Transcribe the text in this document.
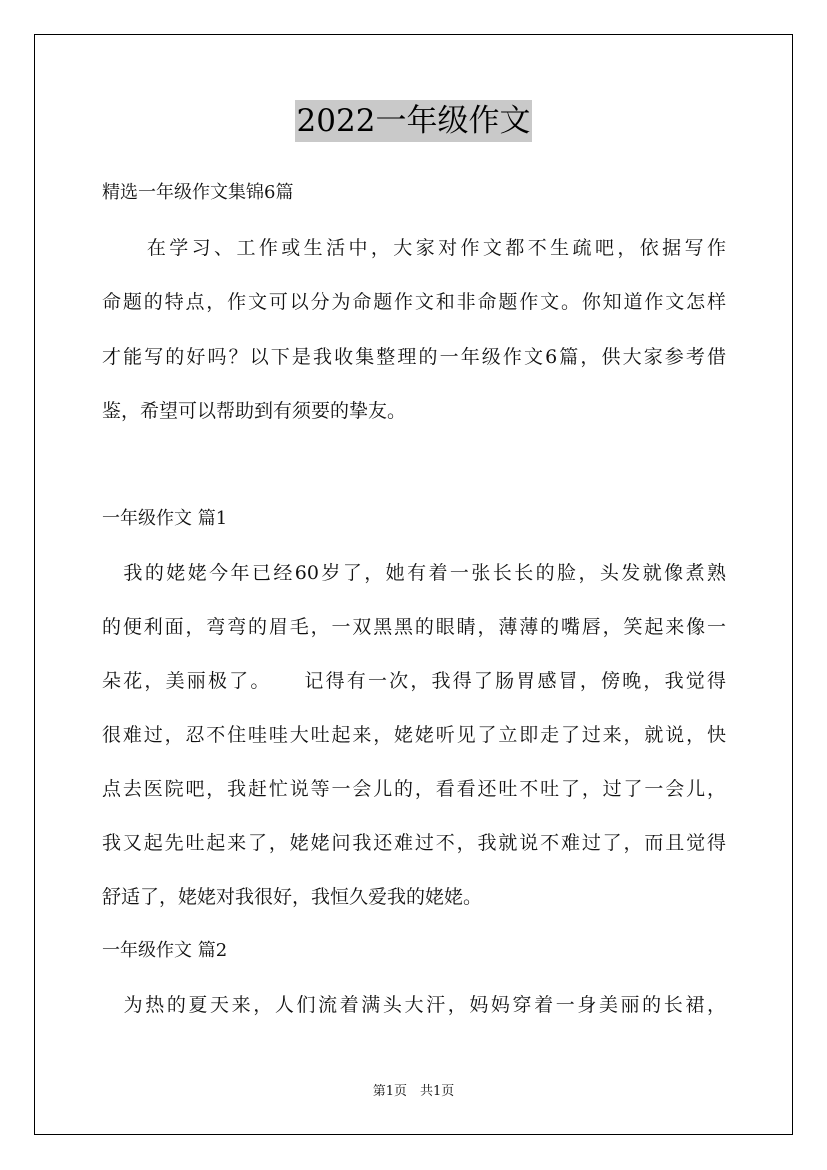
2022一年级作文
精选一年级作文集锦6篇
　　在学习、工作或生活中，大家对作文都不生疏吧，依据写作
命题的特点，作文可以分为命题作文和非命题作文。你知道作文怎样
才能写的好吗？以下是我收集整理的一年级作文6篇，供大家参考借
鉴，希望可以帮助到有须要的挚友。
一年级作文 篇1
　我的姥姥今年已经60岁了，她有着一张长长的脸，头发就像煮熟
的便利面，弯弯的眉毛，一双黑黑的眼睛，薄薄的嘴唇，笑起来像一
朵花，美丽极了。　　记得有一次，我得了肠胃感冒，傍晚，我觉得
很难过，忍不住哇哇大吐起来，姥姥听见了立即走了过来，就说，快
点去医院吧，我赶忙说等一会儿的，看看还吐不吐了，过了一会儿，
我又起先吐起来了，姥姥问我还难过不，我就说不难过了，而且觉得
舒适了，姥姥对我很好，我恒久爱我的姥姥。
一年级作文 篇2
　为热的夏天来，人们流着满头大汗，妈妈穿着一身美丽的长裙，
第1页　共1页
